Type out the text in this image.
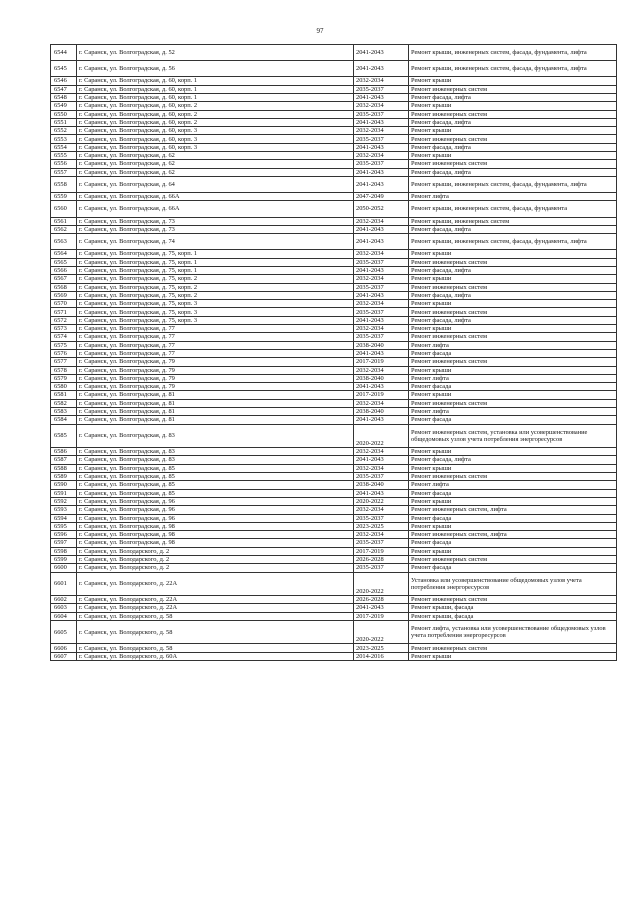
97
6544	г. Саранск, ул. Волгоградская, д. 52	2041-2043	Ремонт крыши, инженерных систем, фасада, фундамента, лифта
6545	г. Саранск, ул. Волгоградская, д. 56	2041-2043	Ремонт крыши, инженерных систем, фасада, фундамента, лифта
6546	г. Саранск, ул. Волгоградская, д. 60, корп. 1	2032-2034	Ремонт крыши
6547	г. Саранск, ул. Волгоградская, д. 60, корп. 1	2035-2037	Ремонт инженерных систем
6548	г. Саранск, ул. Волгоградская, д. 60, корп. 1	2041-2043	Ремонт фасада, лифта
6549	г. Саранск, ул. Волгоградская, д. 60, корп. 2	2032-2034	Ремонт крыши
6550	г. Саранск, ул. Волгоградская, д. 60, корп. 2	2035-2037	Ремонт инженерных систем
6551	г. Саранск, ул. Волгоградская, д. 60, корп. 2	2041-2043	Ремонт фасада, лифта
6552	г. Саранск, ул. Волгоградская, д. 60, корп. 3	2032-2034	Ремонт крыши
6553	г. Саранск, ул. Волгоградская, д. 60, корп. 3	2035-2037	Ремонт инженерных систем
6554	г. Саранск, ул. Волгоградская, д. 60, корп. 3	2041-2043	Ремонт фасада, лифта
6555	г. Саранск, ул. Волгоградская, д. 62	2032-2034	Ремонт крыши
6556	г. Саранск, ул. Волгоградская, д. 62	2035-2037	Ремонт инженерных систем
6557	г. Саранск, ул. Волгоградская, д. 62	2041-2043	Ремонт фасада, лифта
6558	г. Саранск, ул. Волгоградская, д. 64	2041-2043	Ремонт крыши, инженерных систем, фасада, фундамента, лифта
6559	г. Саранск, ул. Волгоградская, д. 66А	2047-2049	Ремонт лифта
6560	г. Саранск, ул. Волгоградская, д. 66А	2050-2052	Ремонт крыши, инженерных систем, фасада, фундамента
6561	г. Саранск, ул. Волгоградская, д. 73	2032-2034	Ремонт крыши, инженерных систем
6562	г. Саранск, ул. Волгоградская, д. 73	2041-2043	Ремонт фасада, лифта
6563	г. Саранск, ул. Волгоградская, д. 74	2041-2043	Ремонт крыши, инженерных систем, фасада, фундамента, лифта
6564	г. Саранск, ул. Волгоградская, д. 75, корп. 1	2032-2034	Ремонт крыши
6565	г. Саранск, ул. Волгоградская, д. 75, корп. 1	2035-2037	Ремонт инженерных систем
6566	г. Саранск, ул. Волгоградская, д. 75, корп. 1	2041-2043	Ремонт фасада, лифта
6567	г. Саранск, ул. Волгоградская, д. 75, корп. 2	2032-2034	Ремонт крыши
6568	г. Саранск, ул. Волгоградская, д. 75, корп. 2	2035-2037	Ремонт инженерных систем
6569	г. Саранск, ул. Волгоградская, д. 75, корп. 2	2041-2043	Ремонт фасада, лифта
6570	г. Саранск, ул. Волгоградская, д. 75, корп. 3	2032-2034	Ремонт крыши
6571	г. Саранск, ул. Волгоградская, д. 75, корп. 3	2035-2037	Ремонт инженерных систем
6572	г. Саранск, ул. Волгоградская, д. 75, корп. 3	2041-2043	Ремонт фасада, лифта
6573	г. Саранск, ул. Волгоградская, д. 77	2032-2034	Ремонт крыши
6574	г. Саранск, ул. Волгоградская, д. 77	2035-2037	Ремонт инженерных систем
6575	г. Саранск, ул. Волгоградская, д. 77	2038-2040	Ремонт лифта
6576	г. Саранск, ул. Волгоградская, д. 77	2041-2043	Ремонт фасада
6577	г. Саранск, ул. Волгоградская, д. 79	2017-2019	Ремонт инженерных систем
6578	г. Саранск, ул. Волгоградская, д. 79	2032-2034	Ремонт крыши
6579	г. Саранск, ул. Волгоградская, д. 79	2038-2040	Ремонт лифта
6580	г. Саранск, ул. Волгоградская, д. 79	2041-2043	Ремонт фасада
6581	г. Саранск, ул. Волгоградская, д. 81	2017-2019	Ремонт крыши
6582	г. Саранск, ул. Волгоградская, д. 81	2032-2034	Ремонт инженерных систем
6583	г. Саранск, ул. Волгоградская, д. 81	2038-2040	Ремонт лифта
6584	г. Саранск, ул. Волгоградская, д. 81	2041-2043	Ремонт фасада
6585	г. Саранск, ул. Волгоградская, д. 83	2020-2022	Ремонт инженерных систем, установка или усовершенствование общедомовых узлов учета потребления энергоресурсов
6586	г. Саранск, ул. Волгоградская, д. 83	2032-2034	Ремонт крыши
6587	г. Саранск, ул. Волгоградская, д. 83	2041-2043	Ремонт фасада, лифта
6588	г. Саранск, ул. Волгоградская, д. 85	2032-2034	Ремонт крыши
6589	г. Саранск, ул. Волгоградская, д. 85	2035-2037	Ремонт инженерных систем
6590	г. Саранск, ул. Волгоградская, д. 85	2038-2040	Ремонт лифта
6591	г. Саранск, ул. Волгоградская, д. 85	2041-2043	Ремонт фасада
6592	г. Саранск, ул. Волгоградская, д. 96	2020-2022	Ремонт крыши
6593	г. Саранск, ул. Волгоградская, д. 96	2032-2034	Ремонт инженерных систем, лифта
6594	г. Саранск, ул. Волгоградская, д. 96	2035-2037	Ремонт фасада
6595	г. Саранск, ул. Волгоградская, д. 98	2023-2025	Ремонт крыши
6596	г. Саранск, ул. Волгоградская, д. 98	2032-2034	Ремонт инженерных систем, лифта
6597	г. Саранск, ул. Волгоградская, д. 98	2035-2037	Ремонт фасада
6598	г. Саранск, ул. Володарского, д. 2	2017-2019	Ремонт крыши
6599	г. Саранск, ул. Володарского, д. 2	2026-2028	Ремонт инженерных систем
6600	г. Саранск, ул. Володарского, д. 2	2035-2037	Ремонт фасада
6601	г. Саранск, ул. Володарского, д. 22А	2020-2022	Установка или усовершенствование общедомовых узлов учета потребления энергоресурсов
6602	г. Саранск, ул. Володарского, д. 22А	2026-2028	Ремонт инженерных систем
6603	г. Саранск, ул. Володарского, д. 22А	2041-2043	Ремонт крыши, фасада
6604	г. Саранск, ул. Володарского, д. 58	2017-2019	Ремонт крыши, фасада
6605	г. Саранск, ул. Володарского, д. 58	2020-2022	Ремонт лифта, установка или усовершенствование общедомовых узлов учета потребления энергоресурсов
6606	г. Саранск, ул. Володарского, д. 58	2023-2025	Ремонт инженерных систем
6607	г. Саранск, ул. Володарского, д. 60А	2014-2016	Ремонт крыши
